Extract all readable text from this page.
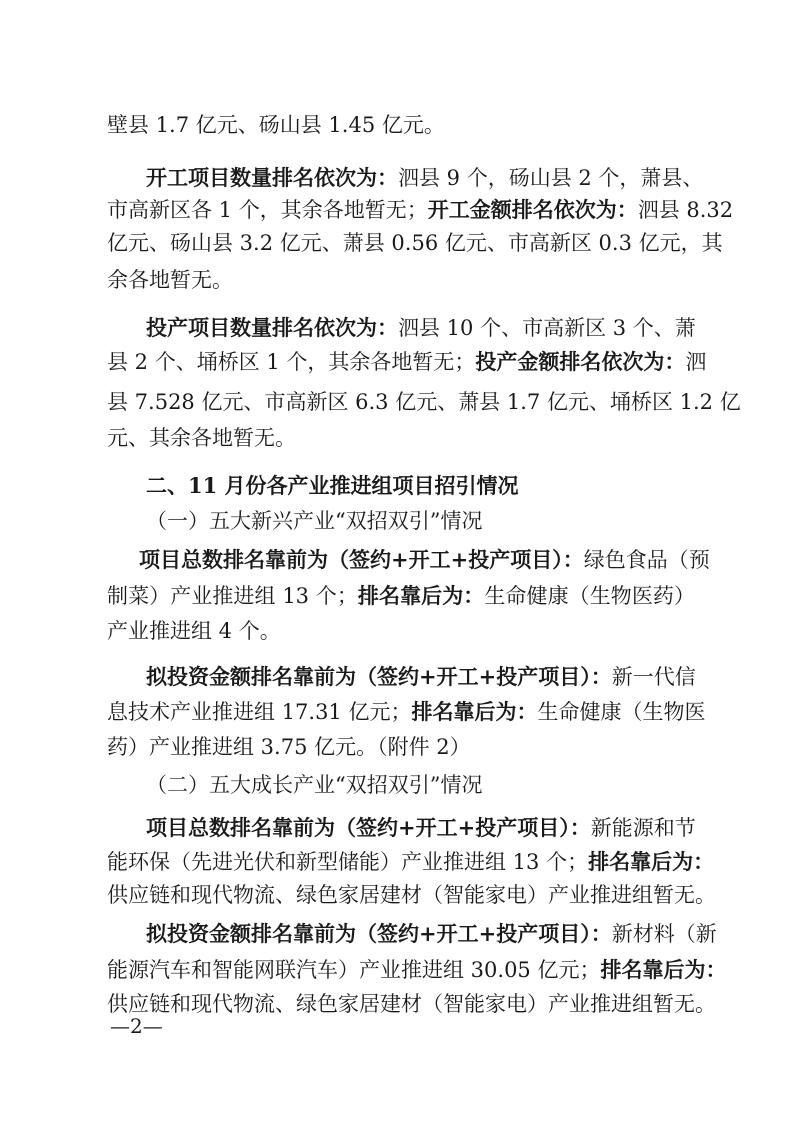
壁县 1.7 亿元、砀山县 1.45 亿元。
开工项目数量排名依次为：泗县 9 个，砀山县 2 个，萧县、
市高新区各 1 个，其余各地暂无；开工金额排名依次为：泗县 8.32
亿元、砀山县 3.2 亿元、萧县 0.56 亿元、市高新区 0.3 亿元，其
余各地暂无。
投产项目数量排名依次为：泗县 10 个、市高新区 3 个、萧
县 2 个、埇桥区 1 个，其余各地暂无；投产金额排名依次为：泗
县 7.528 亿元、市高新区 6.3 亿元、萧县 1.7 亿元、埇桥区 1.2 亿
元、其余各地暂无。
二、11 月份各产业推进组项目招引情况
（一）五大新兴产业“双招双引”情况
项目总数排名靠前为（签约+开工+投产项目）：绿色食品（预
制菜）产业推进组 13 个；排名靠后为：生命健康（生物医药）
产业推进组 4 个。
拟投资金额排名靠前为（签约+开工+投产项目）：新一代信
息技术产业推进组 17.31 亿元；排名靠后为：生命健康（生物医
药）产业推进组 3.75 亿元。（附件 2）
（二）五大成长产业“双招双引”情况
项目总数排名靠前为（签约+开工+投产项目）：新能源和节
能环保（先进光伏和新型储能）产业推进组 13 个；排名靠后为：
供应链和现代物流、绿色家居建材（智能家电）产业推进组暂无。
拟投资金额排名靠前为（签约+开工+投产项目）：新材料（新
能源汽车和智能网联汽车）产业推进组 30.05 亿元；排名靠后为：
供应链和现代物流、绿色家居建材（智能家电）产业推进组暂无。
—2—
